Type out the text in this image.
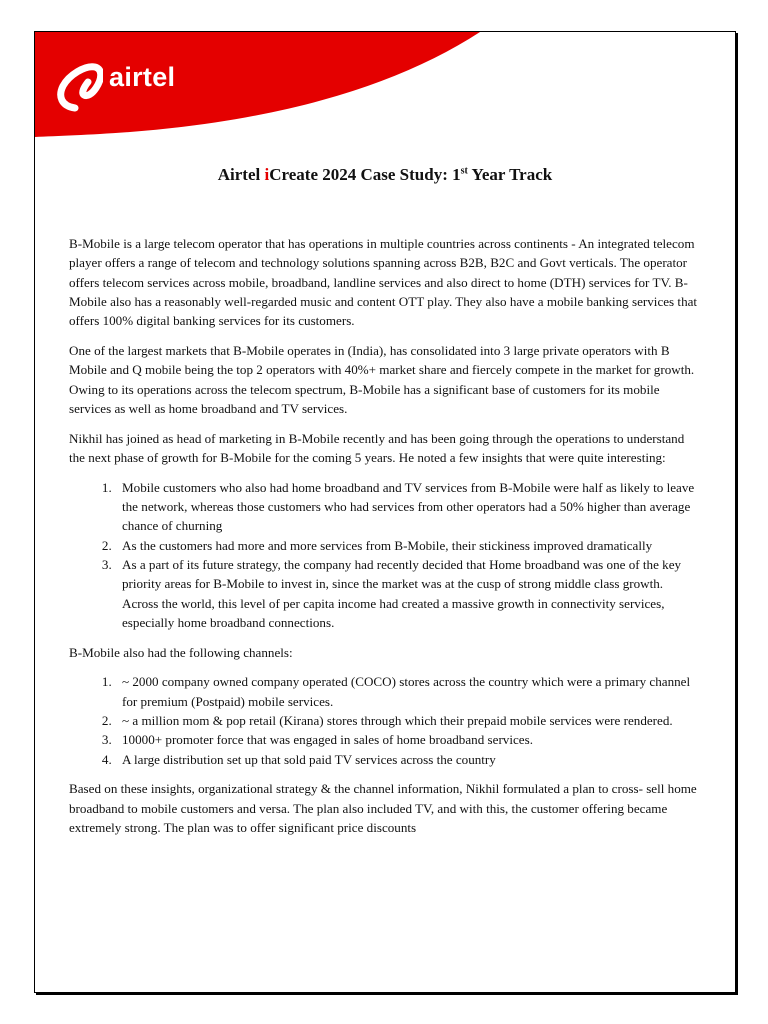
airtel
Airtel iCreate 2024 Case Study: 1st Year Track

B-Mobile is a large telecom operator that has operations in multiple countries across continents - An integrated telecom player offers a range of telecom and technology solutions spanning across B2B, B2C and Govt verticals. The operator offers telecom services across mobile, broadband, landline services and also direct to home (DTH) services for TV. B-Mobile also has a reasonably well-regarded music and content OTT play. They also have a mobile banking services that offers 100% digital banking services for its customers.

One of the largest markets that B-Mobile operates in (India), has consolidated into 3 large private operators with B Mobile and Q mobile being the top 2 operators with 40%+ market share and fiercely compete in the market for growth. Owing to its operations across the telecom spectrum, B-Mobile has a significant base of customers for its mobile services as well as home broadband and TV services.

Nikhil has joined as head of marketing in B-Mobile recently and has been going through the operations to understand the next phase of growth for B-Mobile for the coming 5 years. He noted a few insights that were quite interesting:

1. Mobile customers who also had home broadband and TV services from B-Mobile were half as likely to leave the network, whereas those customers who had services from other operators had a 50% higher than average chance of churning
2. As the customers had more and more services from B-Mobile, their stickiness improved dramatically
3. As a part of its future strategy, the company had recently decided that Home broadband was one of the key priority areas for B-Mobile to invest in, since the market was at the cusp of strong middle class growth. Across the world, this level of per capita income had created a massive growth in connectivity services, especially home broadband connections.

B-Mobile also had the following channels:

1. ~ 2000 company owned company operated (COCO) stores across the country which were a primary channel for premium (Postpaid) mobile services.
2. ~ a million mom & pop retail (Kirana) stores through which their prepaid mobile services were rendered.
3. 10000+ promoter force that was engaged in sales of home broadband services.
4. A large distribution set up that sold paid TV services across the country

Based on these insights, organizational strategy & the channel information, Nikhil formulated a plan to cross- sell home broadband to mobile customers and versa. The plan also included TV, and with this, the customer offering became extremely strong. The plan was to offer significant price discounts
